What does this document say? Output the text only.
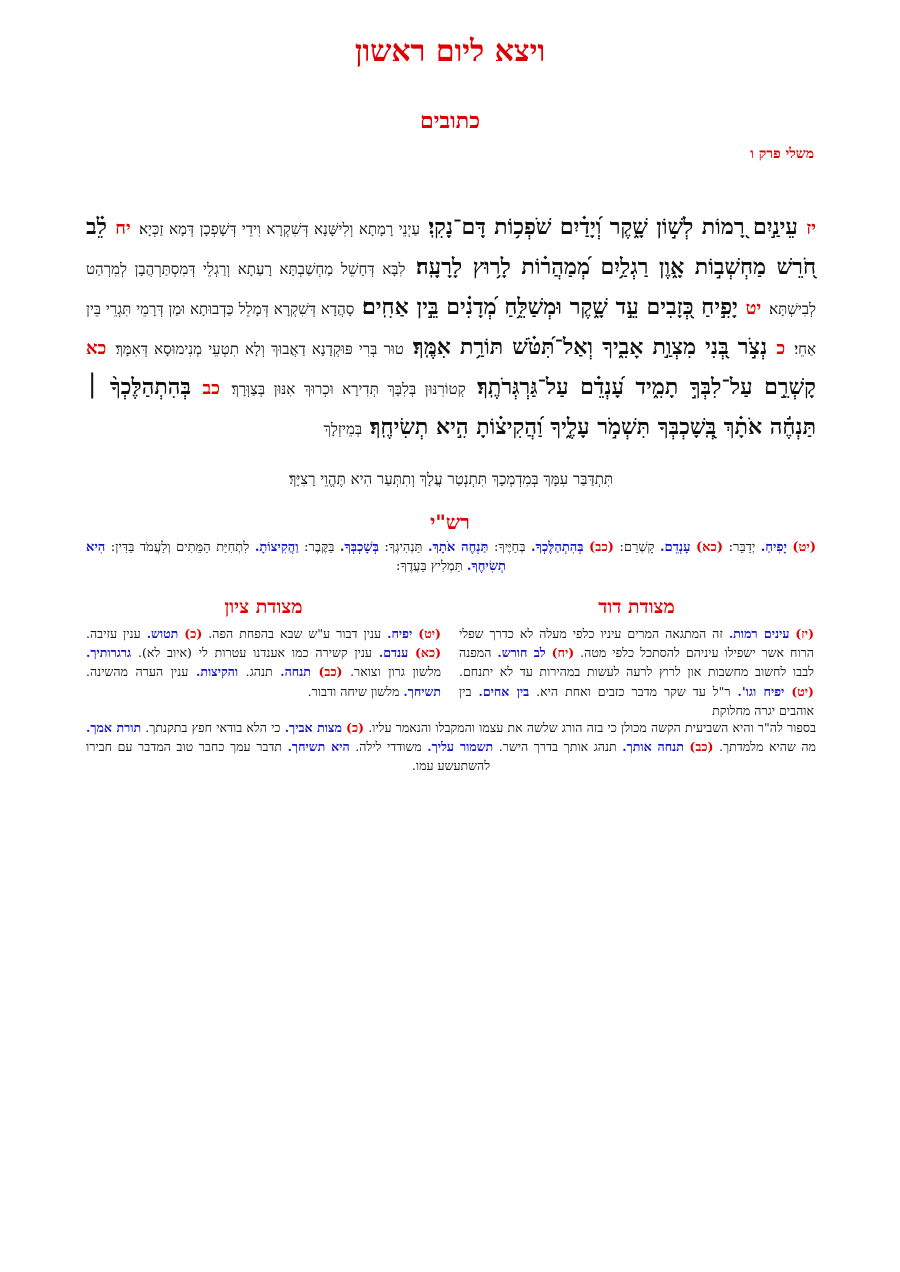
ויצא ליום ראשון
כתובים
משלי פרק ו
יז עֵינַ֣יִם רָ֭מוֹת לְשׁ֣וֹן שָׁ֑קֶר וְ֝יָדַ֗יִם שֹׁפְכ֥וֹת דָּם־נָקִֽי׃ עַיְנֵי רָמָתָא וְלִישָּׁנָא דְּשִׁקְרָא וִידֵי דְּשָׁפְכָן דְּמָא זַכְּיָא׃ יח לֵ֗ב חֹ֭רֵשׁ מַחְשְׁב֣וֹת אָ֑וֶן רַגְלַ֥יִם מְ֝מַהֲר֗וֹת לָר֥וּץ לָרָעָֽה׃ לִבָּא דְּחָשֵׁל מַחְשַׁבְתָּא רָעַתָא וְרַגְלֵי דְּמִסְתַּרְהֲבָן לְמִרְהַט לְבִישְׁתָּא׃ יט יָפִ֣יחַ כְּ֭זָבִים עֵ֣ד שָׁ֑קֶר וּמְשַׁלֵּ֥חַ מְ֝דָנִ֗ים בֵּ֣ין אַחִֽים׃ סָהֲדָא דְּשִׁקְרָא דְּמָלֵל כַּדְבוּתָא וּמַן דְּרָמֵי תִּגְרֵי בֵּין אַחֵי׃ כ נְצֹ֣ר בְּ֭נִי מִצְוַ֣ת אָבִ֑יךָ וְאַל־תִּ֝טֹּ֗שׁ תּוֹרַ֥ת אִמֶּֽךָ׃ טוּר בְּרִי פּוּקְדָנָא דַאֲבוּךְ וְלָא תִטְעֵי מְנִימוּסָא דְּאִמָּךְ׃ כא קָשְׁרֵ֣ם עַל־לִבְּךָ֣ תָמִ֑יד עָ֝נְדֵ֗ם עַל־גַּרְגְּרֹתֶֽךָ׃ קְטוֹרִנּוּן בְּלִבָּךְ תְּדִירָא וּכְרוּךְ אִנּוּן בְּצַוְּרָךְ׃ כב בְּהִתְהַלֶּכְךָ֨ ׀ תַּנְחֶ֬ה אֹתָ֗ךְ בְּֽ֭שָׁכְבְּךָ תִּשְׁמֹ֣ר עָלֶ֑יךָ וַ֝הֲקִיצ֗וֹתָ הִ֣יא תְשִׂיחֶֽךָ׃ בְּמֵיזְלָךְ
תִּתְדַּבַּר עִמָּךְ בְּמִדְמְכָךְ תִּתְנְטַר עֲלָךְ וְתִתְּעַר הִיא תֶּהֱוֵי רָצִיָּךְ׃
רש"י
(יט) יָפִיחַ. יְדַבֵּר: (כא) עָנְדֵם. קָשְׁרֵם: (כב) בְּהִתְהַלֶּכְךָ. בְּחַיֶּיךָ: תַּנְחֶה אֹתָךְ. תַּנְהִיגְךָ: בְּשָׁכְבְּךָ. בַּקֶּבֶר: וַהֲקִיצוֹתָ. לִתְחִיַּת הַמֵּתִים וְלַעֲמֹד בַּדִּין: הִיא תְשִׂיחֶךָ. תַּמְלִיץ בַּעֲדֶךָ:
מצודת דוד
מצודת ציון
(יז) עינים רמות. זה המתגאה המרים עיניו כלפי מעלה לא כדרך שפלי הרוח אשר ישפילו עיניהם להסתכל כלפי מטה. (יח) לב חורש. המפנה לבבו לחשוב מחשבות און לרוץ לרעה לעשות במהירות עד לא יתנחם. (יט) יפיח וגו'. ר"ל עד שקר מדבר כזבים ואחת היא. בין אחים. בין אוהבים יגרה מחלוקת
(יט) יפיח. ענין דבור ע"ש שבא בהפחת הפה. (כ) תטוש. ענין עזיבה. (כא) ענדם. ענין קשירה כמו אענדנו עטרות לי (איוב לא). גרגרותיך. מלשון גרון וצואר. (כב) תנחה. תנהג. והקיצות. ענין הערה מהשינה. תשיחך. מלשון שיחה ודבור.
בספור לה"ר והיא השביעית הקשה מכולן כי בזה הורג שלשה את עצמו והמקבלו והנאמר עליו. (כ) מצות אביך. כי הלא בודאי חפץ בתקנתך. תורת אמך. מה שהיא מלמדתך. (כב) תנחה אותך. תנהג אותך בדרך הישר. תשמור עליך. משודדי לילה. היא תשיחך. תדבר עמך כחבר טוב המדבר עם חבירו להשתעשע עמו.
